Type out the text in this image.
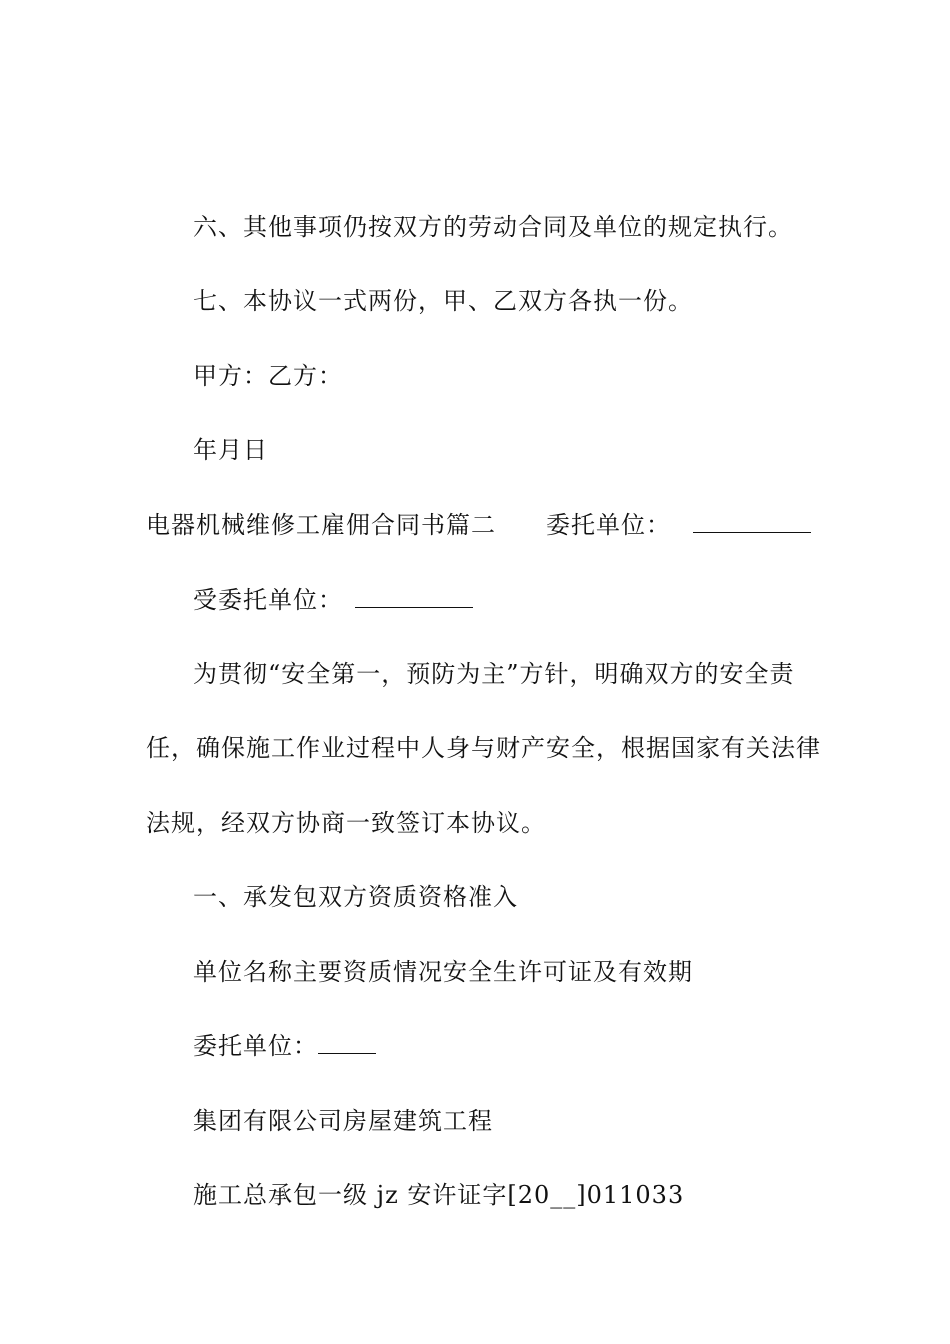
六、其他事项仍按双方的劳动合同及单位的规定执行。
七、本协议一式两份，甲、乙双方各执一份。
甲方：乙方：
年月日
电器机械维修工雇佣合同书篇二 委托单位：
受委托单位：
为贯彻“安全第一，预防为主”方针，明确双方的安全责
任，确保施工作业过程中人身与财产安全，根据国家有关法律
法规，经双方协商一致签订本协议。
一、承发包双方资质资格准入
单位名称主要资质情况安全生许可证及有效期
委托单位：
集团有限公司房屋建筑工程
施工总承包一级 jz 安许证字[20__]011033
